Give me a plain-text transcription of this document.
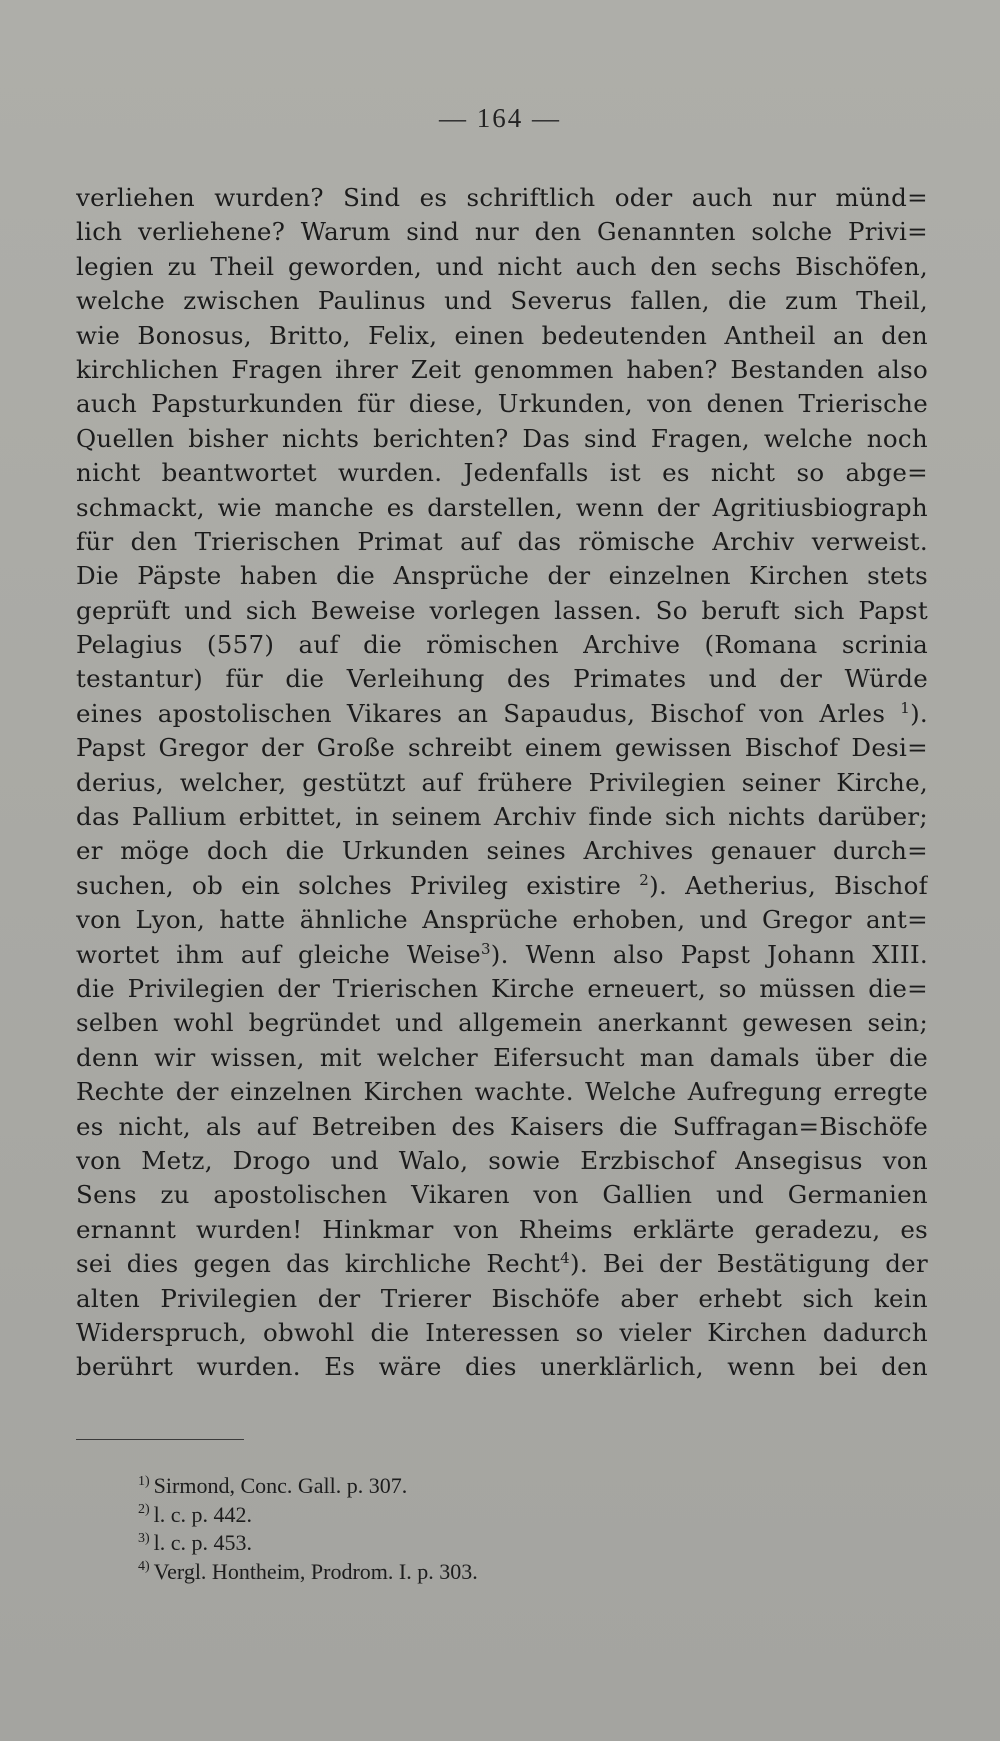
— 164 —
verliehen wurden? Sind es schriftlich oder auch nur münd=
lich verliehene? Warum sind nur den Genannten solche Privi=
legien zu Theil geworden, und nicht auch den sechs Bischöfen,
welche zwischen Paulinus und Severus fallen, die zum Theil,
wie Bonosus, Britto, Felix, einen bedeutenden Antheil an den
kirchlichen Fragen ihrer Zeit genommen haben? Bestanden also
auch Papsturkunden für diese, Urkunden, von denen Trierische
Quellen bisher nichts berichten? Das sind Fragen, welche noch
nicht beantwortet wurden. Jedenfalls ist es nicht so abge=
schmackt, wie manche es darstellen, wenn der Agritiusbiograph
für den Trierischen Primat auf das römische Archiv verweist.
Die Päpste haben die Ansprüche der einzelnen Kirchen stets
geprüft und sich Beweise vorlegen lassen. So beruft sich Papst
Pelagius (557) auf die römischen Archive (Romana scrinia
testantur) für die Verleihung des Primates und der Würde
eines apostolischen Vikares an Sapaudus, Bischof von Arles $^1$).
Papst Gregor der Große schreibt einem gewissen Bischof Desi=
derius, welcher, gestützt auf frühere Privilegien seiner Kirche,
das Pallium erbittet, in seinem Archiv finde sich nichts darüber;
er möge doch die Urkunden seines Archives genauer durch=
suchen, ob ein solches Privileg existire $^2$). Aetherius, Bischof
von Lyon, hatte ähnliche Ansprüche erhoben, und Gregor ant=
wortet ihm auf gleiche Weise$^3$). Wenn also Papst Johann XIII.
die Privilegien der Trierischen Kirche erneuert, so müssen die=
selben wohl begründet und allgemein anerkannt gewesen sein;
denn wir wissen, mit welcher Eifersucht man damals über die
Rechte der einzelnen Kirchen wachte. Welche Aufregung erregte
es nicht, als auf Betreiben des Kaisers die Suffragan=Bischöfe
von Metz, Drogo und Walo, sowie Erzbischof Ansegisus von
Sens zu apostolischen Vikaren von Gallien und Germanien
ernannt wurden! Hinkmar von Rheims erklärte geradezu, es
sei dies gegen das kirchliche Recht$^4$). Bei der Bestätigung der
alten Privilegien der Trierer Bischöfe aber erhebt sich kein
Widerspruch, obwohl die Interessen so vieler Kirchen dadurch
berührt wurden. Es wäre dies unerklärlich, wenn bei den
$^{1)}$ Sirmond, Conc. Gall. p. 307.
$^{2)}$ l. c. p. 442.
$^{3)}$ l. c. p. 453.
$^{4)}$ Vergl. Hontheim, Prodrom. I. p. 303.
